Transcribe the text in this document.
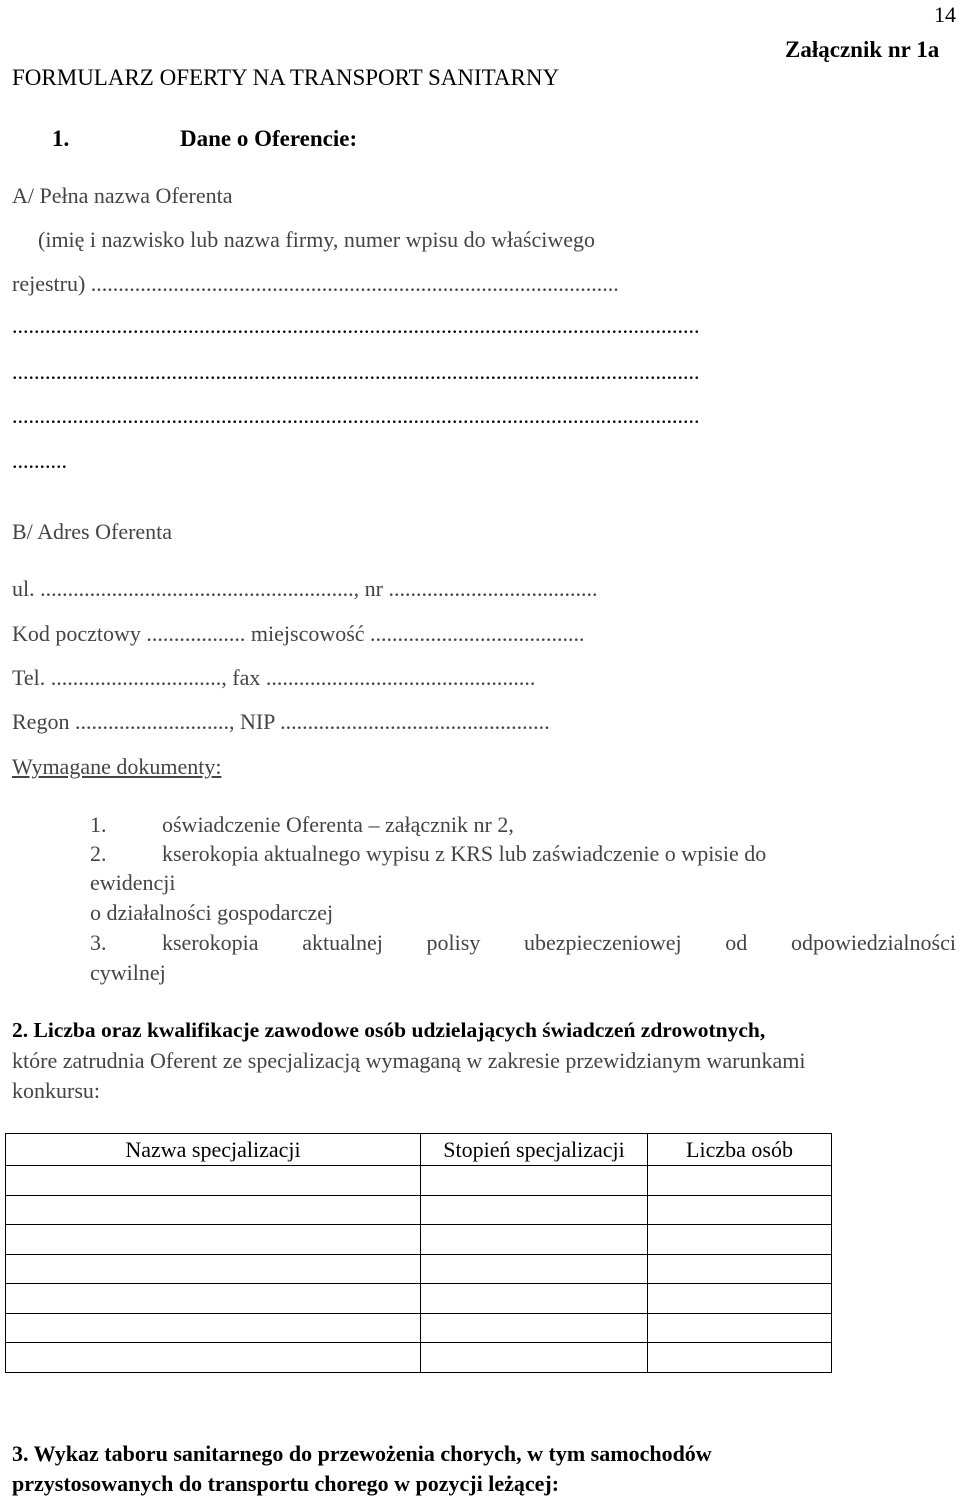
14
Załącznik nr 1a
FORMULARZ OFERTY NA TRANSPORT SANITARNY
1.	Dane o Oferencie:
A/ Pełna nazwa Oferenta
(imię i nazwisko lub nazwa firmy, numer wpisu do właściwego
rejestru) ................................................................................................
.............................................................................................................................
.............................................................................................................................
.............................................................................................................................
..........
B/ Adres Oferenta
ul. ........................................................., nr ......................................
Kod pocztowy .................. miejscowość .......................................
Tel. ..............................., fax .................................................
Regon ............................, NIP .................................................
Wymagane dokumenty:
1.	oświadczenie Oferenta – załącznik nr 2,
2.	kserokopia aktualnego wypisu z KRS lub zaświadczenie o wpisie do
ewidencji
o działalności gospodarczej
3.	kserokopia aktualnej polisy ubezpieczeniowej od odpowiedzialności
cywilnej
2. Liczba oraz kwalifikacje zawodowe osób udzielających świadczeń zdrowotnych,
które zatrudnia Oferent ze specjalizacją wymaganą w zakresie przewidzianym warunkami
konkursu:
Nazwa specjalizacji	Stopień specjalizacji	Liczba osób

3. Wykaz taboru sanitarnego do przewożenia chorych, w tym samochodów
przystosowanych do transportu chorego w pozycji leżącej:
